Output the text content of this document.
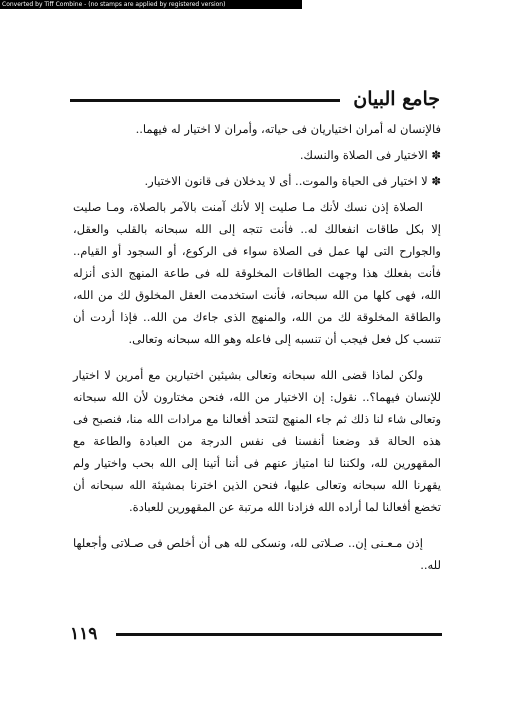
Converted by Tiff Combine - (no stamps are applied by registered version)
جامع البيان

فالإنسان له أمران اختياريان فى حياته، وأمران لا اختيار له فيهما..

✽ الاختيار فى الصلاة والنسك.

✽ لا اختيار فى الحياة والموت.. أى لا يدخلان فى قانون الاختيار.

الصلاة إذن نسك لأنك مـا صليت إلا لأنك آمنت بالآمر بالصلاة، ومـا صليت إلا بكل طاقات انفعالك له.. فأنت تتجه إلى الله سبحانه بالقلب والعقل، والجوارح التى لها عمل فى الصلاة سواء فى الركوع، أو السجود أو القيام.. فأنت بفعلك هذا وجهت الطاقات المخلوقة لله فى طاعة المنهج الذى أنزله الله، فهى كلها من الله سبحانه، فأنت استخدمت العقل المخلوق لك من الله، والطاقة المخلوقة لك من الله، والمنهج الذى جاءك من الله.. فإذا أردت أن تنسب كل فعل فيجب أن تنسبه إلى فاعله وهو الله سبحانه وتعالى.

ولكن لماذا قضى الله سبحانه وتعالى بشيئين اختيارين مع أمرين لا اختيار للإنسان فيهما؟.. نقول: إن الاختيار من الله، فنحن مختارون لأن الله سبحانه وتعالى شاء لنا ذلك ثم جاء المنهج لتتحد أفعالنا مع مرادات الله منا، فنصبح فى هذه الحالة قد وضعنا أنفسنا فى نفس الدرجة من العبادة والطاعة مع المقهورين لله، ولكننا لنا امتياز عنهم فى أننا أتينا إلى الله بحب واختيار ولم يقهرنا الله سبحانه وتعالى عليها، فنحن الذين اخترنا بمشيئة الله سبحانه أن تخضع أفعالنا لما أراده الله فزادنا الله مرتبة عن المقهورين للعبادة.

إذن مـعـنى إن.. صـلاتى لله، ونسكى لله هى أن أخلص فى صـلاتى وأجعلها لله..

١١٩
